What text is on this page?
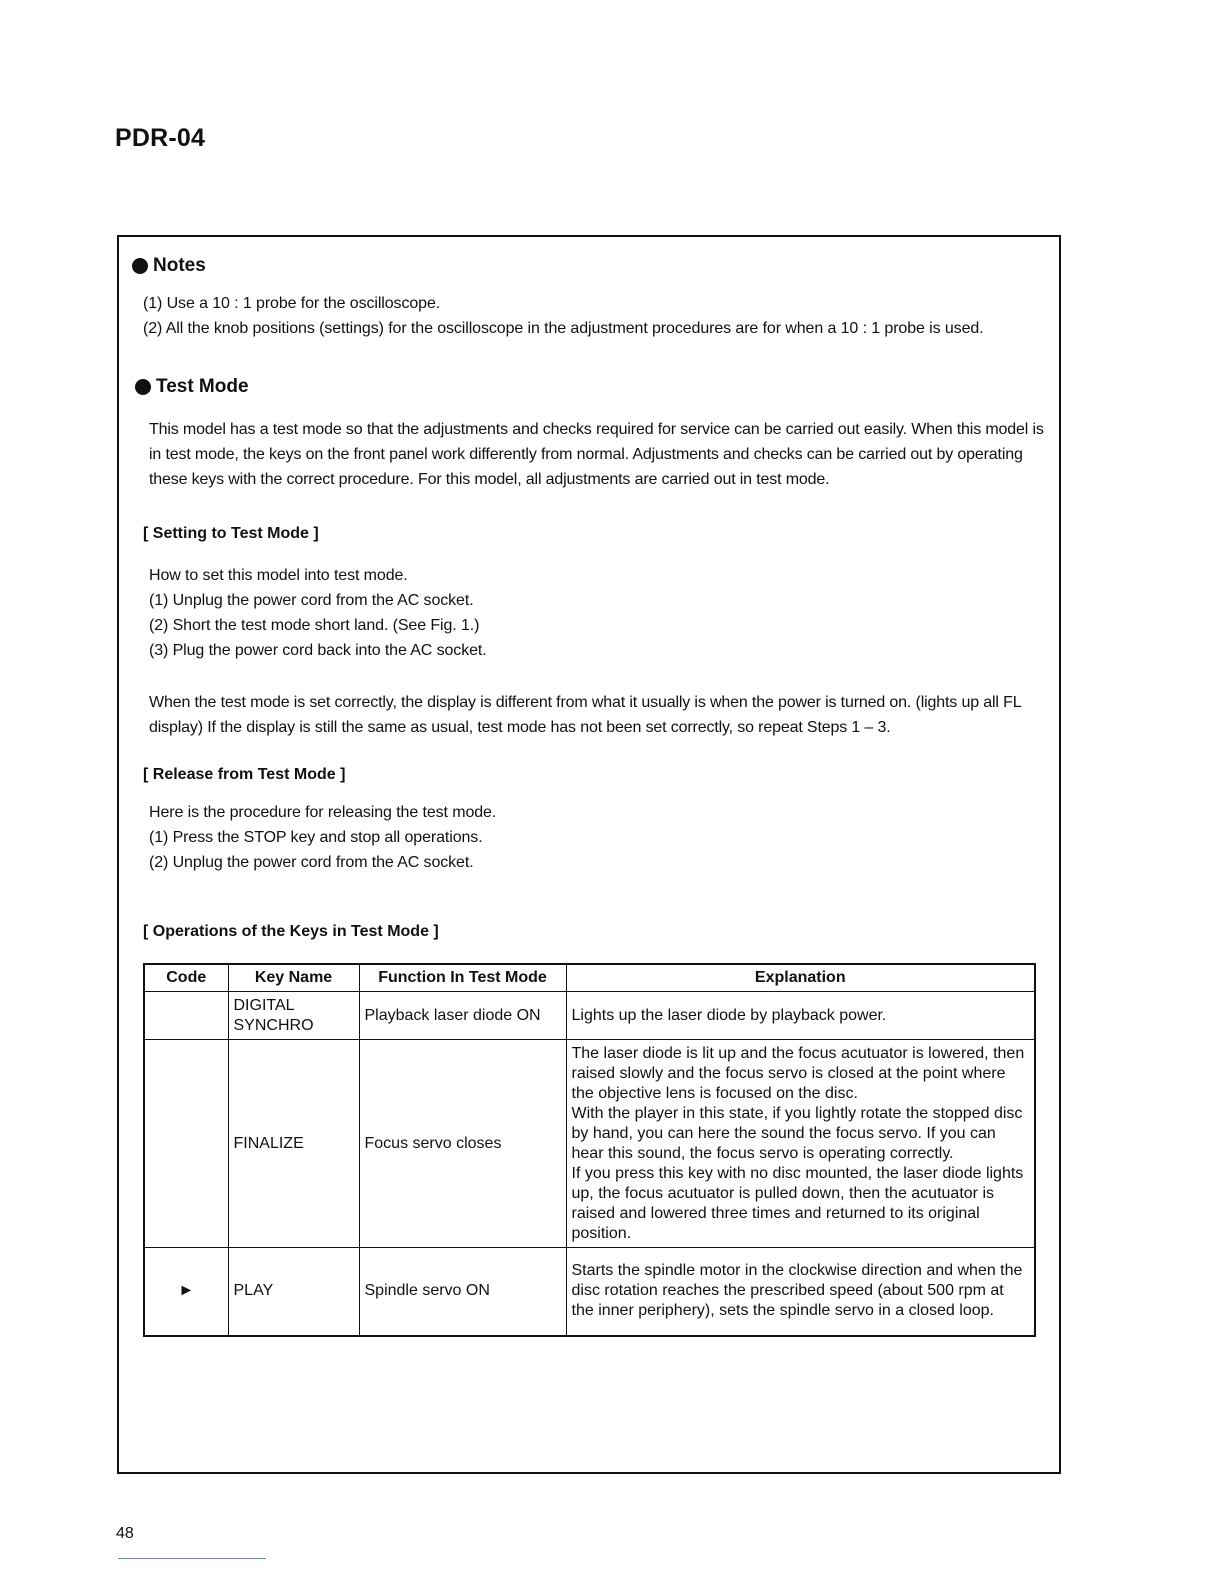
PDR-04
Notes
(1) Use a 10 : 1 probe for the oscilloscope.
(2) All the knob positions (settings) for the oscilloscope in the adjustment procedures are for when a 10 : 1 probe is used.
Test Mode
This model has a test mode so that the adjustments and checks required for service can be carried out easily. When this model is in test mode, the keys on the front panel work differently from normal. Adjustments and checks can be carried out by operating these keys with the correct procedure. For this model, all adjustments are carried out in test mode.
[ Setting to Test Mode ]
How to set this model into test mode.
(1) Unplug the power cord from the AC socket.
(2) Short the test mode short land. (See Fig. 1.)
(3) Plug the power cord back into the AC socket.
When the test mode is set correctly, the display is different from what it usually is when the power is turned on. (lights up all FL display) If the display is still the same as usual, test mode has not been set correctly, so repeat Steps 1 – 3.
[ Release from Test Mode ]
Here is the procedure for releasing the test mode.
(1) Press the STOP key and stop all operations.
(2) Unplug the power cord from the AC socket.
[ Operations of the Keys in Test Mode ]
Code	Key Name	Function In Test Mode	Explanation
	DIGITAL SYNCHRO	Playback laser diode ON	Lights up the laser diode by playback power.
	FINALIZE	Focus servo closes	The laser diode is lit up and the focus acutuator is lowered, then raised slowly and the focus servo is closed at the point where the objective lens is focused on the disc.
With the player in this state, if you lightly rotate the stopped disc by hand, you can here the sound the focus servo. If you can hear this sound, the focus servo is operating correctly.
If you press this key with no disc mounted, the laser diode lights up, the focus acutuator is pulled down, then the acutuator is raised and lowered three times and returned to its original position.
►	PLAY	Spindle servo ON	Starts the spindle motor in the clockwise direction and when the disc rotation reaches the prescribed speed (about 500 rpm at the inner periphery), sets the spindle servo in a closed loop.
48
